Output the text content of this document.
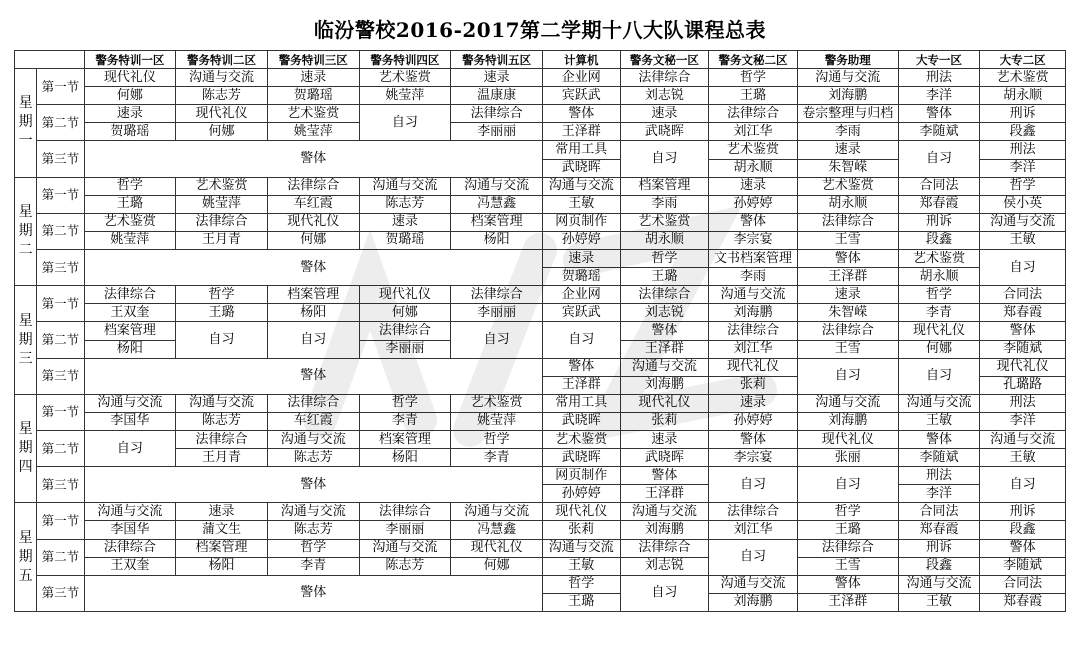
临汾警校2016-2017第二学期十八大队课程总表
		警务特训一区	警务特训二区	警务特训三区	警务特训四区	警务特训五区	计算机	警务文秘一区	警务文秘二区	警务助理	大专一区	大专二区
星
期
一	第一节	现代礼仪	沟通与交流	速录	艺术鉴赏	速录	企业网	法律综合	哲学	沟通与交流	刑法	艺术鉴赏
		何娜	陈志芳	贺璐瑶	姚莹萍	温康康	宾跃武	刘志锐	王璐	刘海鹏	李洋	胡永顺
	第二节	速录	现代礼仪	艺术鉴赏	自习	法律综合	警体	速录	法律综合	卷宗整理与归档	警体	刑诉
		贺璐瑶	何娜	姚莹萍		李丽丽	王泽群	武晓晖	刘江华	李雨	李随斌	段鑫
	第三节	警体					常用工具	自习	艺术鉴赏	速录	自习	刑法
							武晓晖		胡永顺	朱智嵘		李洋
星
期
二	第一节	哲学	艺术鉴赏	法律综合	沟通与交流	沟通与交流	沟通与交流	档案管理	速录	艺术鉴赏	合同法	哲学
		王璐	姚莹萍	车红霞	陈志芳	冯慧鑫	王敏	李雨	孙婷婷	胡永顺	郑春霞	侯小英
	第二节	艺术鉴赏	法律综合	现代礼仪	速录	档案管理	网页制作	艺术鉴赏	警体	法律综合	刑诉	沟通与交流
		姚莹萍	王月青	何娜	贺璐瑶	杨阳	孙婷婷	胡永顺	李宗宴	王雪	段鑫	王敏
	第三节	警体					速录	哲学	文书档案管理	警体	艺术鉴赏	自习
							贺璐瑶	王璐	李雨	王泽群	胡永顺	
星
期
三	第一节	法律综合	哲学	档案管理	现代礼仪	法律综合	企业网	法律综合	沟通与交流	速录	哲学	合同法
		王双奎	王璐	杨阳	何娜	李丽丽	宾跃武	刘志锐	刘海鹏	朱智嵘	李青	郑春霞
	第二节	档案管理	自习	自习	法律综合	自习	自习	警体	法律综合	法律综合	现代礼仪	警体
		杨阳			李丽丽			王泽群	刘江华	王雪	何娜	李随斌
	第三节	警体					警体	沟通与交流	现代礼仪	自习	自习	现代礼仪
							王泽群	刘海鹏	张莉			孔璐路
星
期
四	第一节	沟通与交流	沟通与交流	法律综合	哲学	艺术鉴赏	常用工具	现代礼仪	速录	沟通与交流	沟通与交流	刑法
		李国华	陈志芳	车红霞	李青	姚莹萍	武晓晖	张莉	孙婷婷	刘海鹏	王敏	李洋
	第二节	自习	法律综合	沟通与交流	档案管理	哲学	艺术鉴赏	速录	警体	现代礼仪	警体	沟通与交流
			王月青	陈志芳	杨阳	李青	武晓晖	武晓晖	李宗宴	张丽	李随斌	王敏
	第三节	警体					网页制作	警体	自习	自习	刑法	自习
							孙婷婷	王泽群			李洋	
星
期
五	第一节	沟通与交流	速录	沟通与交流	法律综合	沟通与交流	现代礼仪	沟通与交流	法律综合	哲学	合同法	刑诉
		李国华	蒲文生	陈志芳	李丽丽	冯慧鑫	张莉	刘海鹏	刘江华	王璐	郑春霞	段鑫
	第二节	法律综合	档案管理	哲学	沟通与交流	现代礼仪	沟通与交流	法律综合	自习	法律综合	刑诉	警体
		王双奎	杨阳	李青	陈志芳	何娜	王敏	刘志锐		王雪	段鑫	李随斌
	第三节	警体					哲学	自习	沟通与交流	警体	沟通与交流	合同法
							王璐		刘海鹏	王泽群	王敏	郑春霞
